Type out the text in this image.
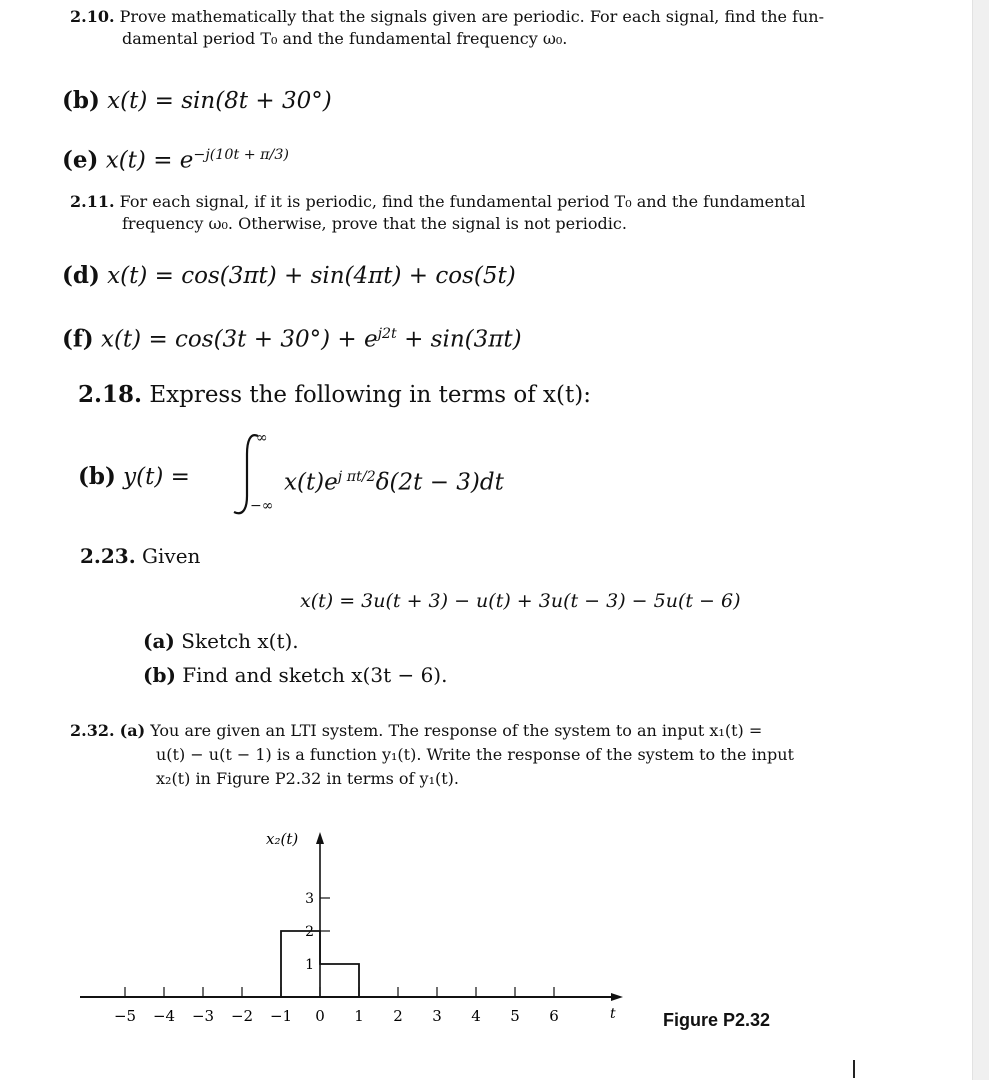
2.10. Prove mathematically that the signals given are periodic. For each signal, find the fun-
damental period T₀ and the fundamental frequency ω₀.
(b) x(t) = sin(8t + 30°)
(e) $x(t) = e^{-j(10t + \pi/3)}$
2.11. For each signal, if it is periodic, find the fundamental period T₀ and the fundamental
frequency ω₀. Otherwise, prove that the signal is not periodic.
(d) x(t) = cos(3πt) + sin(4πt) + cos(5t)
(f) $x(t) = \cos(3t + 30^\circ) + e^{j2t} + \sin(3\pi t)$
2.18. Express the following in terms of x(t):
(b) y(t) =
∞
−∞
$x(t)e^{j \pi t/2}\delta(2t - 3)dt$
2.23. Given
x(t) = 3u(t + 3) − u(t) + 3u(t − 3) − 5u(t − 6)
(a) Sketch x(t).
(b) Find and sketch x(3t − 6).
2.32. (a) You are given an LTI system. The response of the system to an input x₁(t) =
u(t) − u(t − 1) is a function y₁(t). Write the response of the system to the input
x₂(t) in Figure P2.32 in terms of y₁(t).
−5 −4 −3 −2 −1 0 1 2 3 4 5 6
1
2
3
x₂(t)
t	Figure P2.32
